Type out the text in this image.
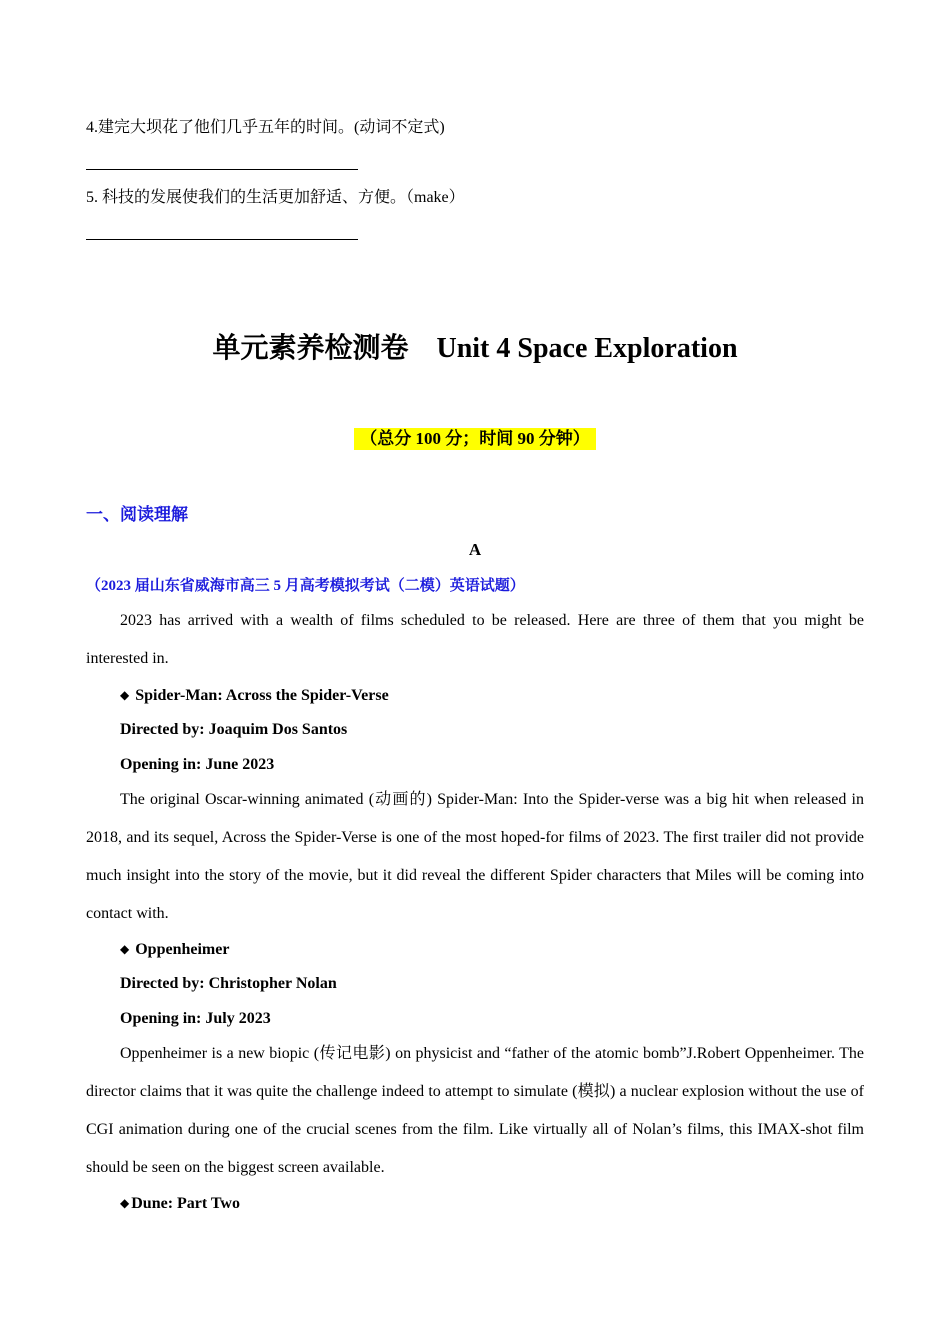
4.建完大坝花了他们几乎五年的时间。(动词不定式)
5. 科技的发展使我们的生活更加舒适、方便。（make）
单元素养检测卷 Unit 4 Space Exploration
（总分 100 分；时间 90 分钟）
一、阅读理解
A
（2023 届山东省威海市高三 5 月高考模拟考试（二模）英语试题）
2023 has arrived with a wealth of films scheduled to be released. Here are three of them that you might be interested in.
◆ Spider-Man: Across the Spider-Verse
Directed by: Joaquim Dos Santos
Opening in: June 2023
The original Oscar-winning animated (动画的) Spider-Man: Into the Spider-verse was a big hit when released in 2018, and its sequel, Across the Spider-Verse is one of the most hoped-for films of 2023. The first trailer did not provide much insight into the story of the movie, but it did reveal the different Spider characters that Miles will be coming into contact with.
◆ Oppenheimer
Directed by: Christopher Nolan
Opening in: July 2023
Oppenheimer is a new biopic (传记电影) on physicist and “father of the atomic bomb”J.Robert Oppenheimer. The director claims that it was quite the challenge indeed to attempt to simulate (模拟) a nuclear explosion without the use of CGI animation during one of the crucial scenes from the film. Like virtually all of Nolan’s films, this IMAX-shot film should be seen on the biggest screen available.
◆ Dune: Part Two
